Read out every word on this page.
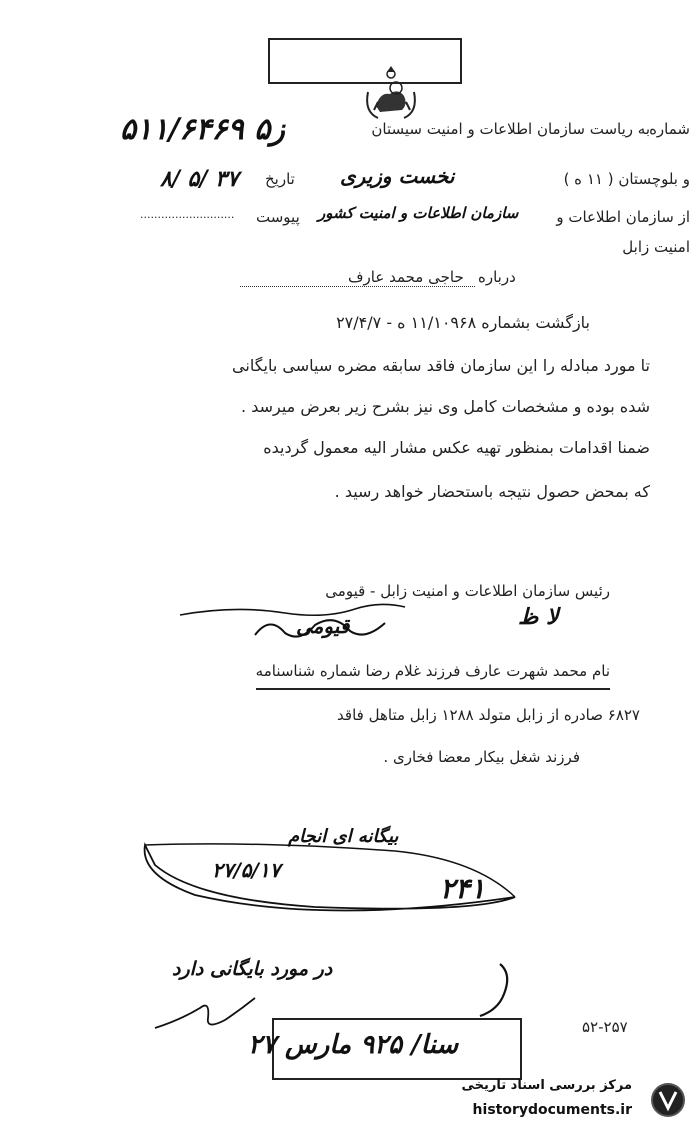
۵۱۱/۶۴۶۹ ۵ز	به ریاست سازمان اطلاعات و امنیت سیستان شماره
و بلوچستان ( ۱۱ ه )
نخست وزیری
تاریخ
۸/ ۵/ ۳۷
از سازمان اطلاعات و
سازمان اطلاعات و امنیت کشور
پیوست
...........................
امنیت زابل
درباره
حاجی محمد عارف
بازگشت بشماره ۱۱/۱۰۹۶۸ ه - ۲۷/۴/۷
تا مورد مبادله را این سازمان فاقد سابقه مضره سیاسی بایگانی
شده بوده و مشخصات کامل وی نیز بشرح زیر بعرض میرسد .
ضمنا اقدامات بمنظور تهیه عکس مشار الیه معمول گردیده
که بمحض حصول نتیجه باستحضار خواهد رسید .
رئیس سازمان اطلاعات و امنیت زابل - قیومی
قیومی	لا ظ
نام محمد شهرت عارف فرزند غلام رضا شماره شناسنامه
۶۸۲۷ صادره از زابل متولد ۱۲۸۸ زابل متاهل فاقد
فرزند شغل بیکار معضا فخاری .
بیگانه ای انجام
۲۷/۵/۱۷
۲۴۱
در مورد بایگانی دارد
سنا/ ۹۲۵ مارس ۲۷
۵۲-۲۵۷
مرکز بررسی اسناد تاریخی
historydocuments.ir
